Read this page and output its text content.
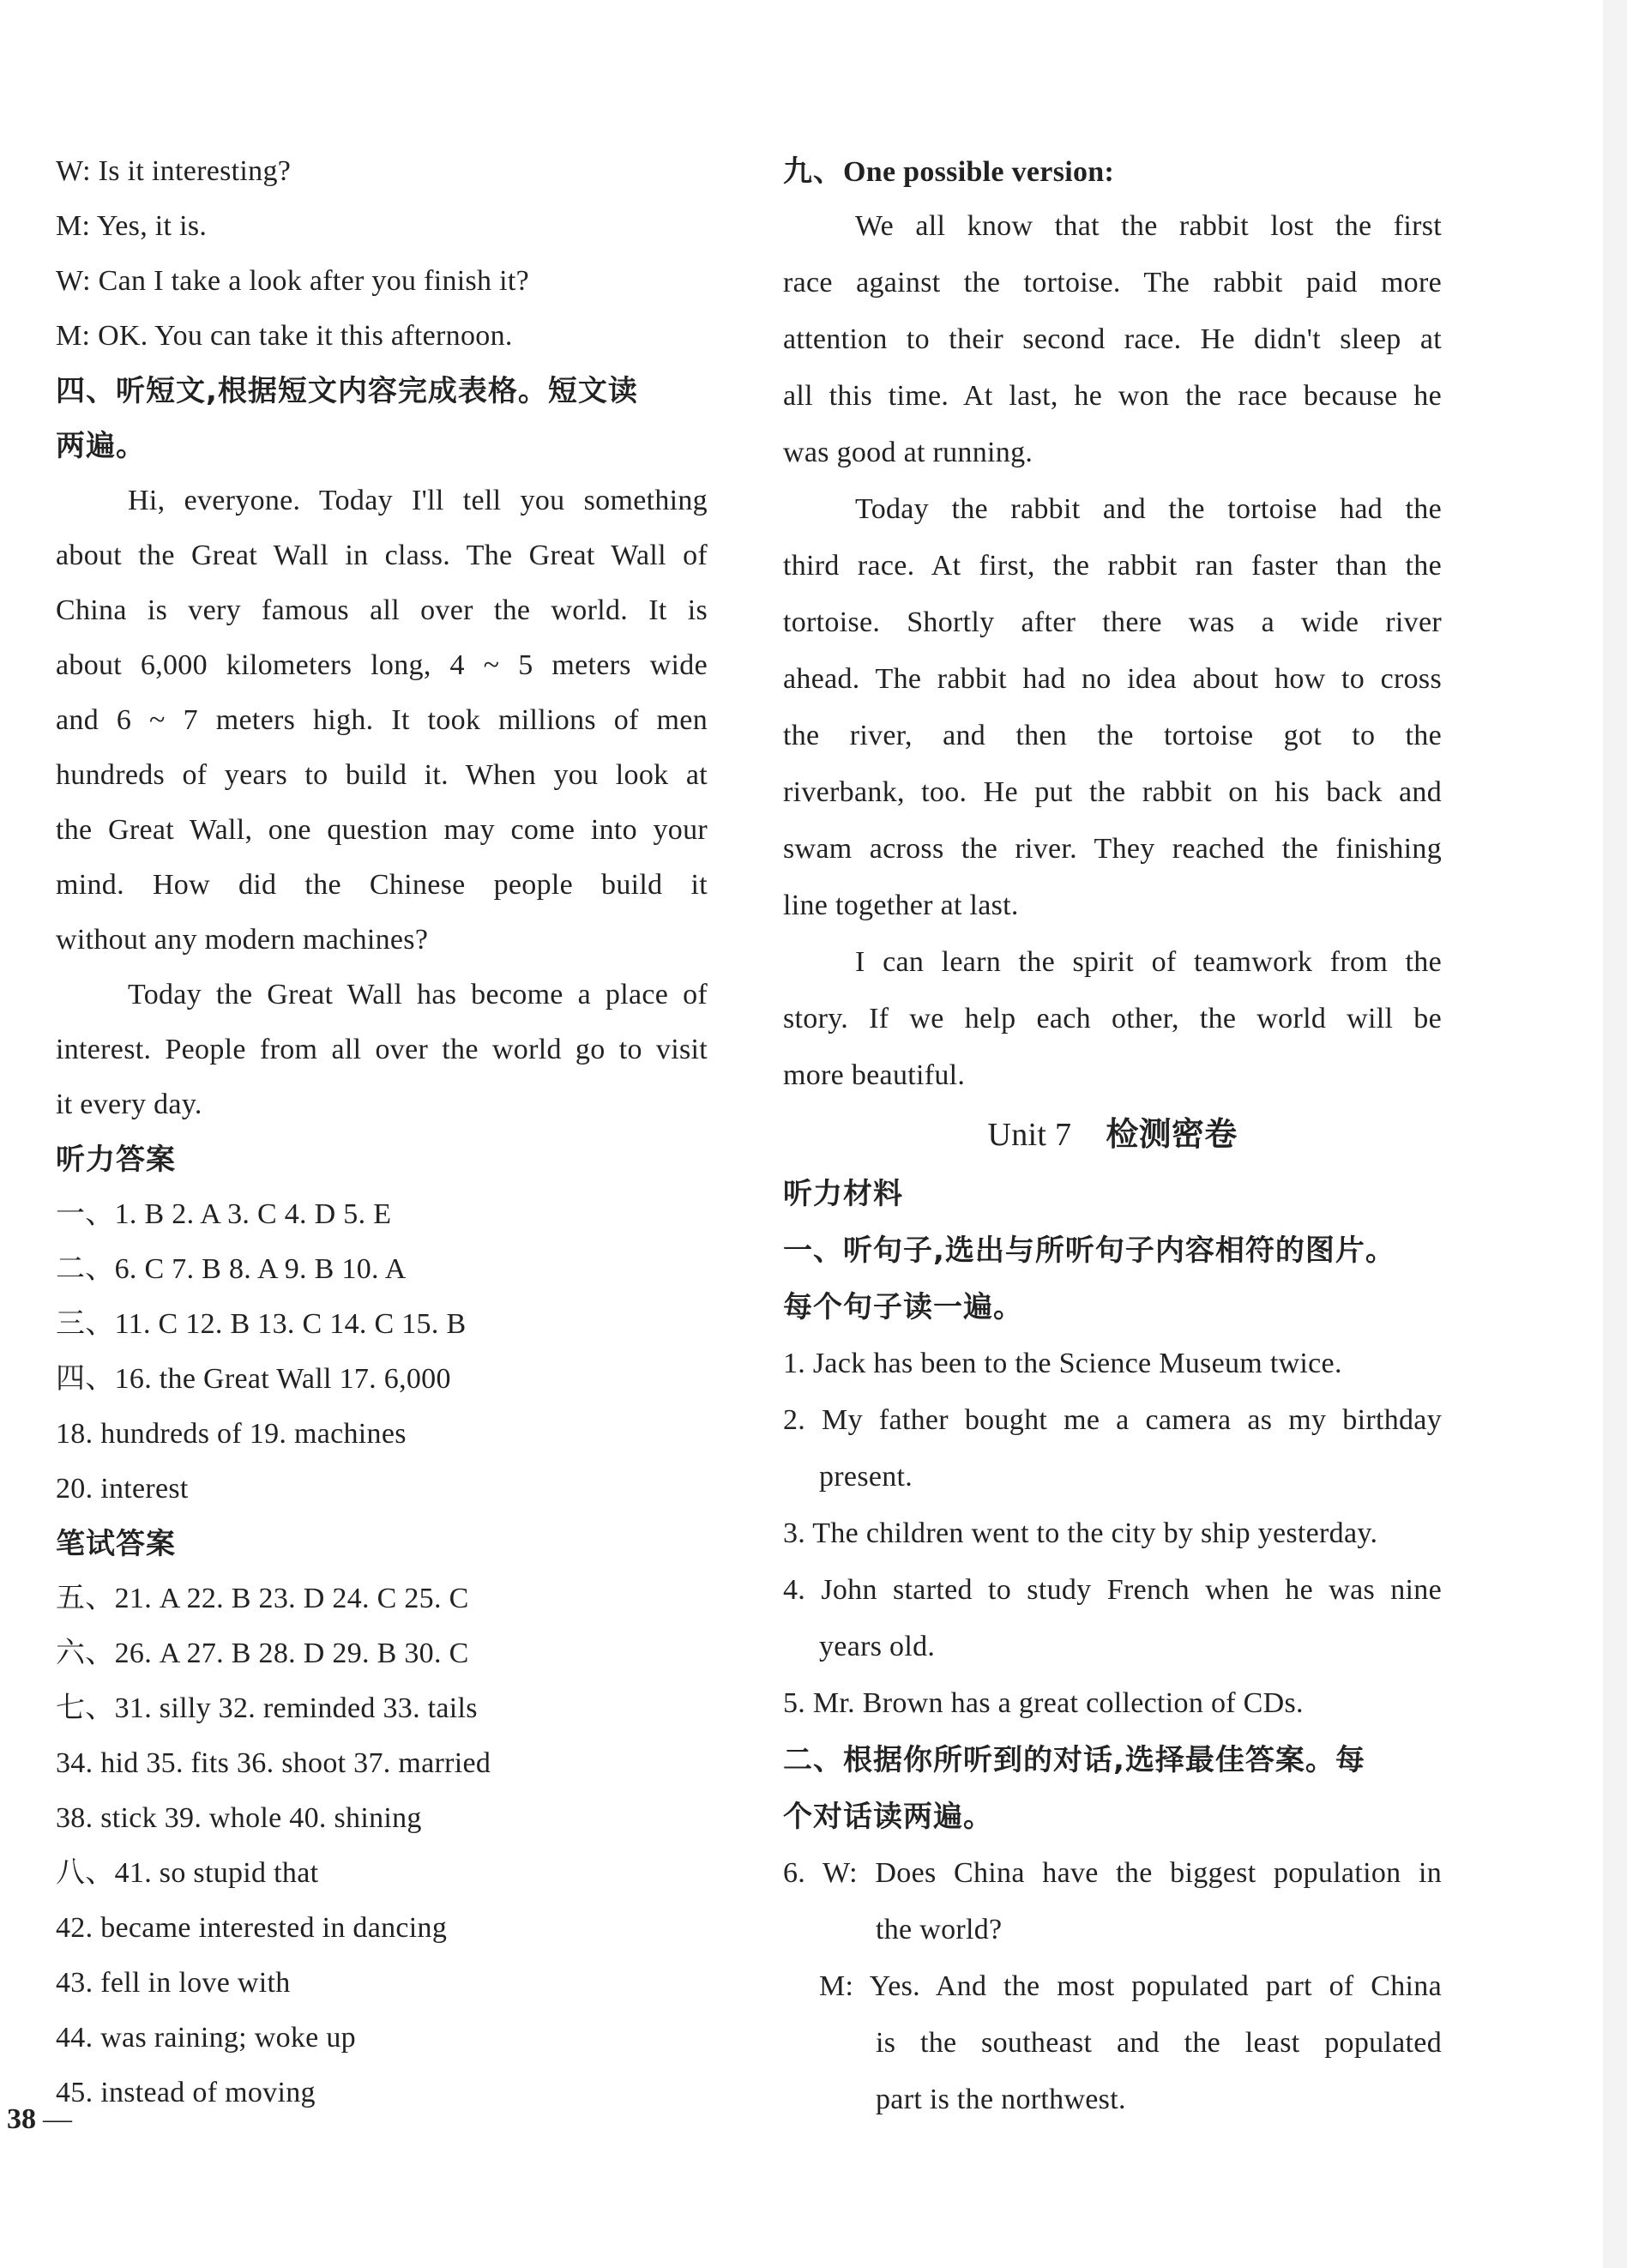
W: Is it interesting?
M: Yes, it is.
W: Can I take a look after you finish it?
M: OK. You can take it this afternoon.
四、听短文,根据短文内容完成表格。短文读
两遍。
Hi, everyone. Today I'll tell you something
about the Great Wall in class. The Great Wall of
China is very famous all over the world. It is
about 6,000 kilometers long, 4 ~ 5 meters wide
and 6 ~ 7 meters high. It took millions of men
hundreds of years to build it. When you look at
the Great Wall, one question may come into your
mind. How did the Chinese people build it
without any modern machines?
Today the Great Wall has become a place of
interest. People from all over the world go to visit
it every day.
听力答案
一、1. B 2. A 3. C 4. D 5. E
二、6. C 7. B 8. A 9. B 10. A
三、11. C 12. B 13. C 14. C 15. B
四、16. the Great Wall 17. 6,000
18. hundreds of 19. machines
20. interest
笔试答案
五、21. A 22. B 23. D 24. C 25. C
六、26. A 27. B 28. D 29. B 30. C
七、31. silly 32. reminded 33. tails
34. hid 35. fits 36. shoot 37. married
38. stick 39. whole 40. shining
八、41. so stupid that
42. became interested in dancing
43. fell in love with
44. was raining; woke up
45. instead of moving
九、One possible version:
We all know that the rabbit lost the first
race against the tortoise. The rabbit paid more
attention to their second race. He didn't sleep at
all this time. At last, he won the race because he
was good at running.
Today the rabbit and the tortoise had the
third race. At first, the rabbit ran faster than the
tortoise. Shortly after there was a wide river
ahead. The rabbit had no idea about how to cross
the river, and then the tortoise got to the
riverbank, too. He put the rabbit on his back and
swam across the river. They reached the finishing
line together at last.
I can learn the spirit of teamwork from the
story. If we help each other, the world will be
more beautiful.
Unit 7 检测密卷
听力材料
一、听句子,选出与所听句子内容相符的图片。
每个句子读一遍。
1. Jack has been to the Science Museum twice.
2. My father bought me a camera as my birthday
present.
3. The children went to the city by ship yesterday.
4. John started to study French when he was nine
years old.
5. Mr. Brown has a great collection of CDs.
二、根据你所听到的对话,选择最佳答案。每
个对话读两遍。
6. W: Does China have the biggest population in
the world?
M: Yes. And the most populated part of China
is the southeast and the least populated
part is the northwest.
38 —
